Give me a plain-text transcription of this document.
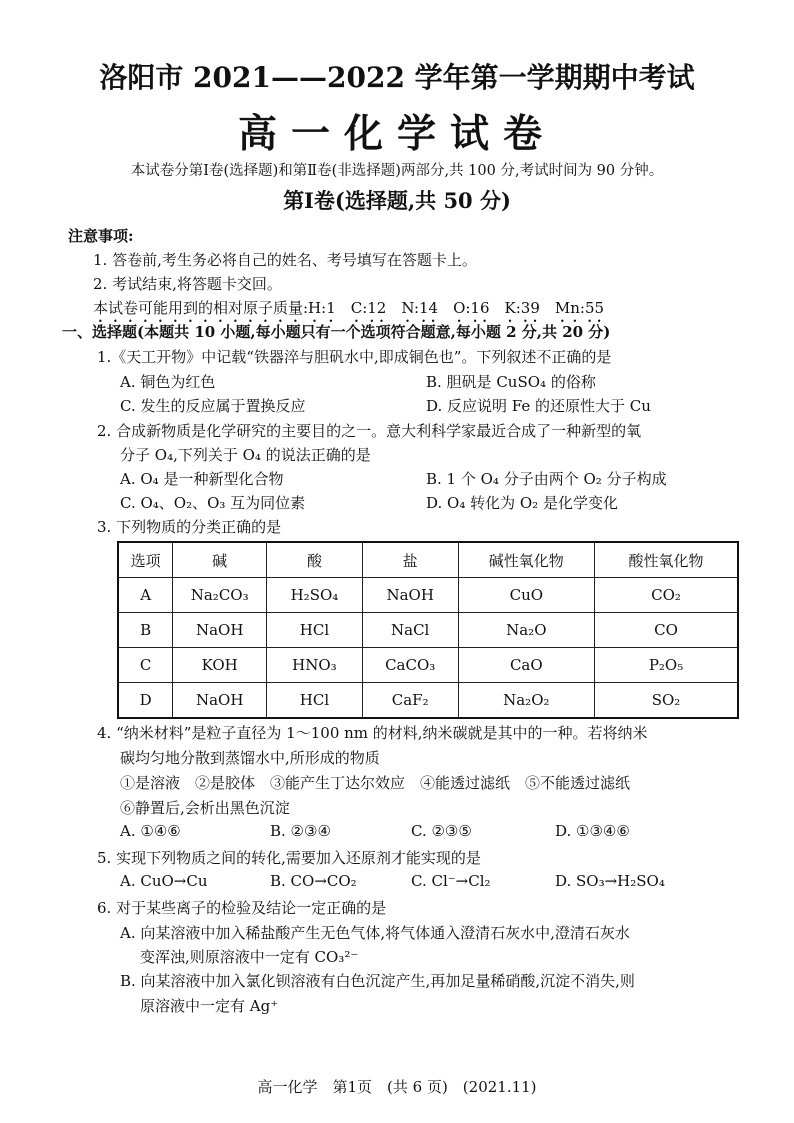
洛阳市 2021——2022 学年第一学期期中考试
高一化学试卷
本试卷分第Ⅰ卷(选择题)和第Ⅱ卷(非选择题)两部分,共 100 分,考试时间为 90 分钟。
第Ⅰ卷(选择题,共 50 分)
注意事项:
1. 答卷前,考生务必将自己的姓名、考号填写在答题卡上。
2. 考试结束,将答题卡交回。
本试卷可能用到的相对原子质量:H:1　C:12　N:14　O:16　K:39　Mn:55
一、选择题(本题共 10 小题,每小题只有一个选项符合题意,每小题 2 分,共 20 分)
1.《天工开物》中记载“铁器淬与胆矾水中,即成铜色也”。下列叙述不正确的是
A. 铜色为红色	B. 胆矾是 CuSO₄ 的俗称
C. 发生的反应属于置换反应	D. 反应说明 Fe 的还原性大于 Cu
2. 合成新物质是化学研究的主要目的之一。意大利科学家最近合成了一种新型的氧
分子 O₄,下列关于 O₄ 的说法正确的是
A. O₄ 是一种新型化合物	B. 1 个 O₄ 分子由两个 O₂ 分子构成
C. O₄、O₂、O₃ 互为同位素	D. O₄ 转化为 O₂ 是化学变化
3. 下列物质的分类正确的是
选项	碱	酸	盐	碱性氧化物	酸性氧化物
A	Na₂CO₃	H₂SO₄	NaOH	CuO	CO₂
B	NaOH	HCl	NaCl	Na₂O	CO
C	KOH	HNO₃	CaCO₃	CaO	P₂O₅
D	NaOH	HCl	CaF₂	Na₂O₂	SO₂
4. “纳米材料”是粒子直径为 1～100 nm 的材料,纳米碳就是其中的一种。若将纳米
碳均匀地分散到蒸馏水中,所形成的物质
①是溶液　②是胶体　③能产生丁达尔效应　④能透过滤纸　⑤不能透过滤纸
⑥静置后,会析出黑色沉淀
A. ①④⑥	B. ②③④	C. ②③⑤	D. ①③④⑥
5. 实现下列物质之间的转化,需要加入还原剂才能实现的是
A. CuO→Cu	B. CO→CO₂	C. Cl⁻→Cl₂	D. SO₃→H₂SO₄
6. 对于某些离子的检验及结论一定正确的是
A. 向某溶液中加入稀盐酸产生无色气体,将气体通入澄清石灰水中,澄清石灰水
变浑浊,则原溶液中一定有 CO₃²⁻
B. 向某溶液中加入氯化钡溶液有白色沉淀产生,再加足量稀硝酸,沉淀不消失,则
原溶液中一定有 Ag⁺
高一化学　第1页　(共 6 页)　(2021.11)
